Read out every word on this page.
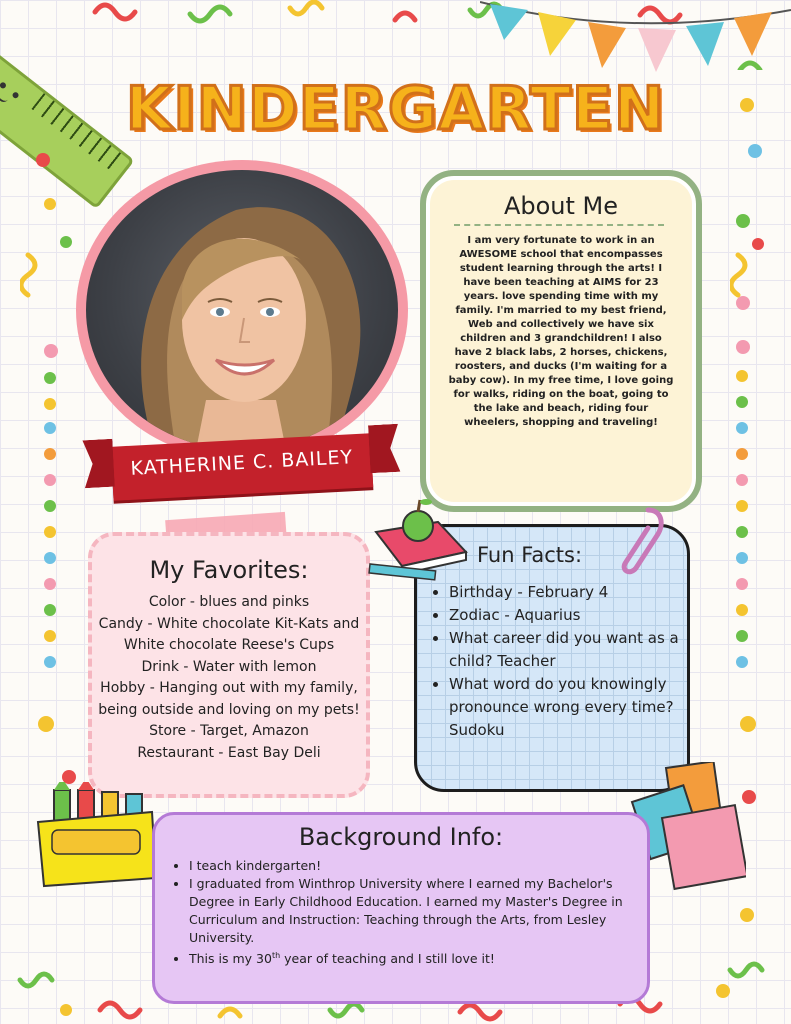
KINDERGARTEN
KATHERINE C. BAILEY
About Me
I am very fortunate to work in an AWESOME school that encompasses student learning through the arts! I have been teaching at AIMS for 23 years. love spending time with my family. I'm married to my best friend, Web and collectively we have six children and 3 grandchildren! I also have 2 black labs, 2 horses, chickens, roosters, and ducks (I'm waiting for a baby cow). In my free time, I love going for walks, riding on the boat, going to the lake and beach, riding four wheelers, shopping and traveling!
My Favorites:
Color - blues and pinks
Candy - White chocolate Kit-Kats and White chocolate Reese's Cups
Drink - Water with lemon
Hobby - Hanging out with my family, being outside and loving on my pets!
Store - Target, Amazon
Restaurant - East Bay Deli
Fun Facts:
• Birthday - February 4
• Zodiac - Aquarius
• What career did you want as a child? Teacher
• What word do you knowingly pronounce wrong every time? Sudoku
Background Info:
• I teach kindergarten!
• I graduated from Winthrop University where I earned my Bachelor's Degree in Early Childhood Education. I earned my Master's Degree in Curriculum and Instruction: Teaching through the Arts, from Lesley University.
• This is my 30th year of teaching and I still love it!
